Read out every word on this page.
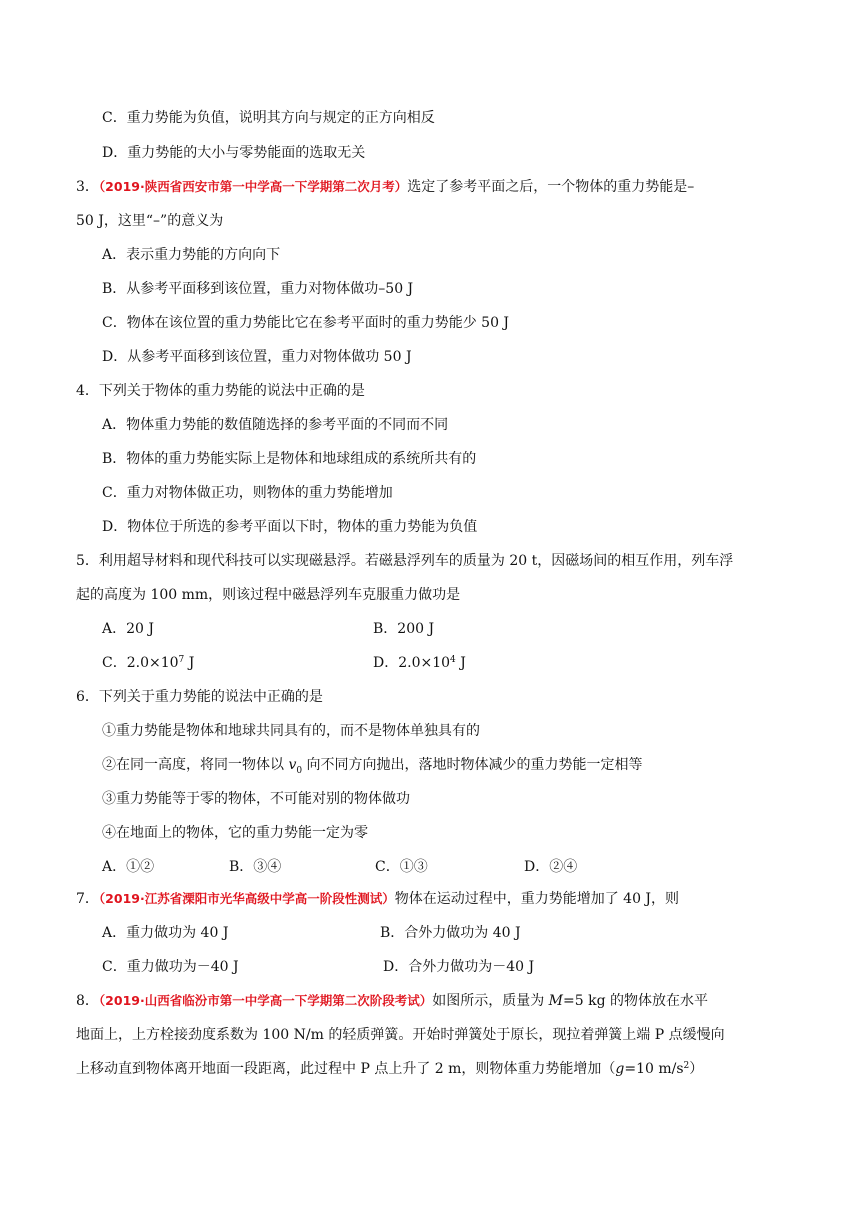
C．重力势能为负值，说明其方向与规定的正方向相反
D．重力势能的大小与零势能面的选取无关
3．（2019·陕西省西安市第一中学高一下学期第二次月考）选定了参考平面之后，一个物体的重力势能是–
50 J，这里“–”的意义为
A．表示重力势能的方向向下
B．从参考平面移到该位置，重力对物体做功–50 J
C．物体在该位置的重力势能比它在参考平面时的重力势能少 50 J
D．从参考平面移到该位置，重力对物体做功 50 J
4．下列关于物体的重力势能的说法中正确的是
A．物体重力势能的数值随选择的参考平面的不同而不同
B．物体的重力势能实际上是物体和地球组成的系统所共有的
C．重力对物体做正功，则物体的重力势能增加
D．物体位于所选的参考平面以下时，物体的重力势能为负值
5．利用超导材料和现代科技可以实现磁悬浮。若磁悬浮列车的质量为 20 t，因磁场间的相互作用，列车浮
起的高度为 100 mm，则该过程中磁悬浮列车克服重力做功是
A．20 J	B．200 J
C．$2.0\times 10^7$ J	D．$2.0\times 10^4$ J
6．下列关于重力势能的说法中正确的是
①重力势能是物体和地球共同具有的，而不是物体单独具有的
②在同一高度，将同一物体以 $v_0$ 向不同方向抛出，落地时物体减少的重力势能一定相等
③重力势能等于零的物体，不可能对别的物体做功
④在地面上的物体，它的重力势能一定为零
A．①②	B．③④	C．①③	D．②④
7．（2019·江苏省溧阳市光华高级中学高一阶段性测试）物体在运动过程中，重力势能增加了 40 J，则
A．重力做功为 40 J	B．合外力做功为 40 J
C．重力做功为－40 J	D．合外力做功为－40 J
8．（2019·山西省临汾市第一中学高一下学期第二次阶段考试）如图所示，质量为 M=5 kg 的物体放在水平
地面上，上方栓接劲度系数为 100 N/m 的轻质弹簧。开始时弹簧处于原长，现拉着弹簧上端 P 点缓慢向
上移动直到物体离开地面一段距离，此过程中 P 点上升了 2 m，则物体重力势能增加（g=10 $m/s^2$）
